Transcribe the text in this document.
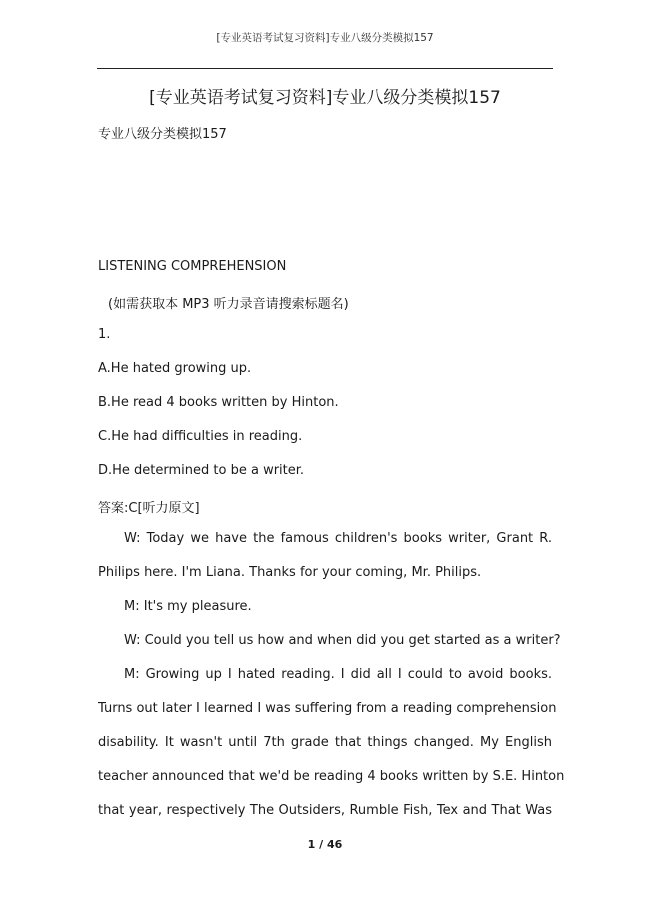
[专业英语考试复习资料]专业八级分类模拟157
[专业英语考试复习资料]专业八级分类模拟157
专业八级分类模拟157
LISTENING COMPREHENSION
(如需获取本 MP3 听力录音请搜索标题名)
1.
A.He hated growing up.
B.He read 4 books written by Hinton.
C.He had difficulties in reading.
D.He determined to be a writer.
答案:C[听力原文]
W: Today we have the famous children's books writer, Grant R.
Philips here. I'm Liana. Thanks for your coming, Mr. Philips.
M: It's my pleasure.
W: Could you tell us how and when did you get started as a writer?
M: Growing up I hated reading. I did all I could to avoid books.
Turns out later I learned I was suffering from a reading comprehension
disability. It wasn't until 7th grade that things changed. My English
teacher announced that we'd be reading 4 books written by S.E. Hinton
that year, respectively The Outsiders, Rumble Fish, Tex and That Was
1 / 46
